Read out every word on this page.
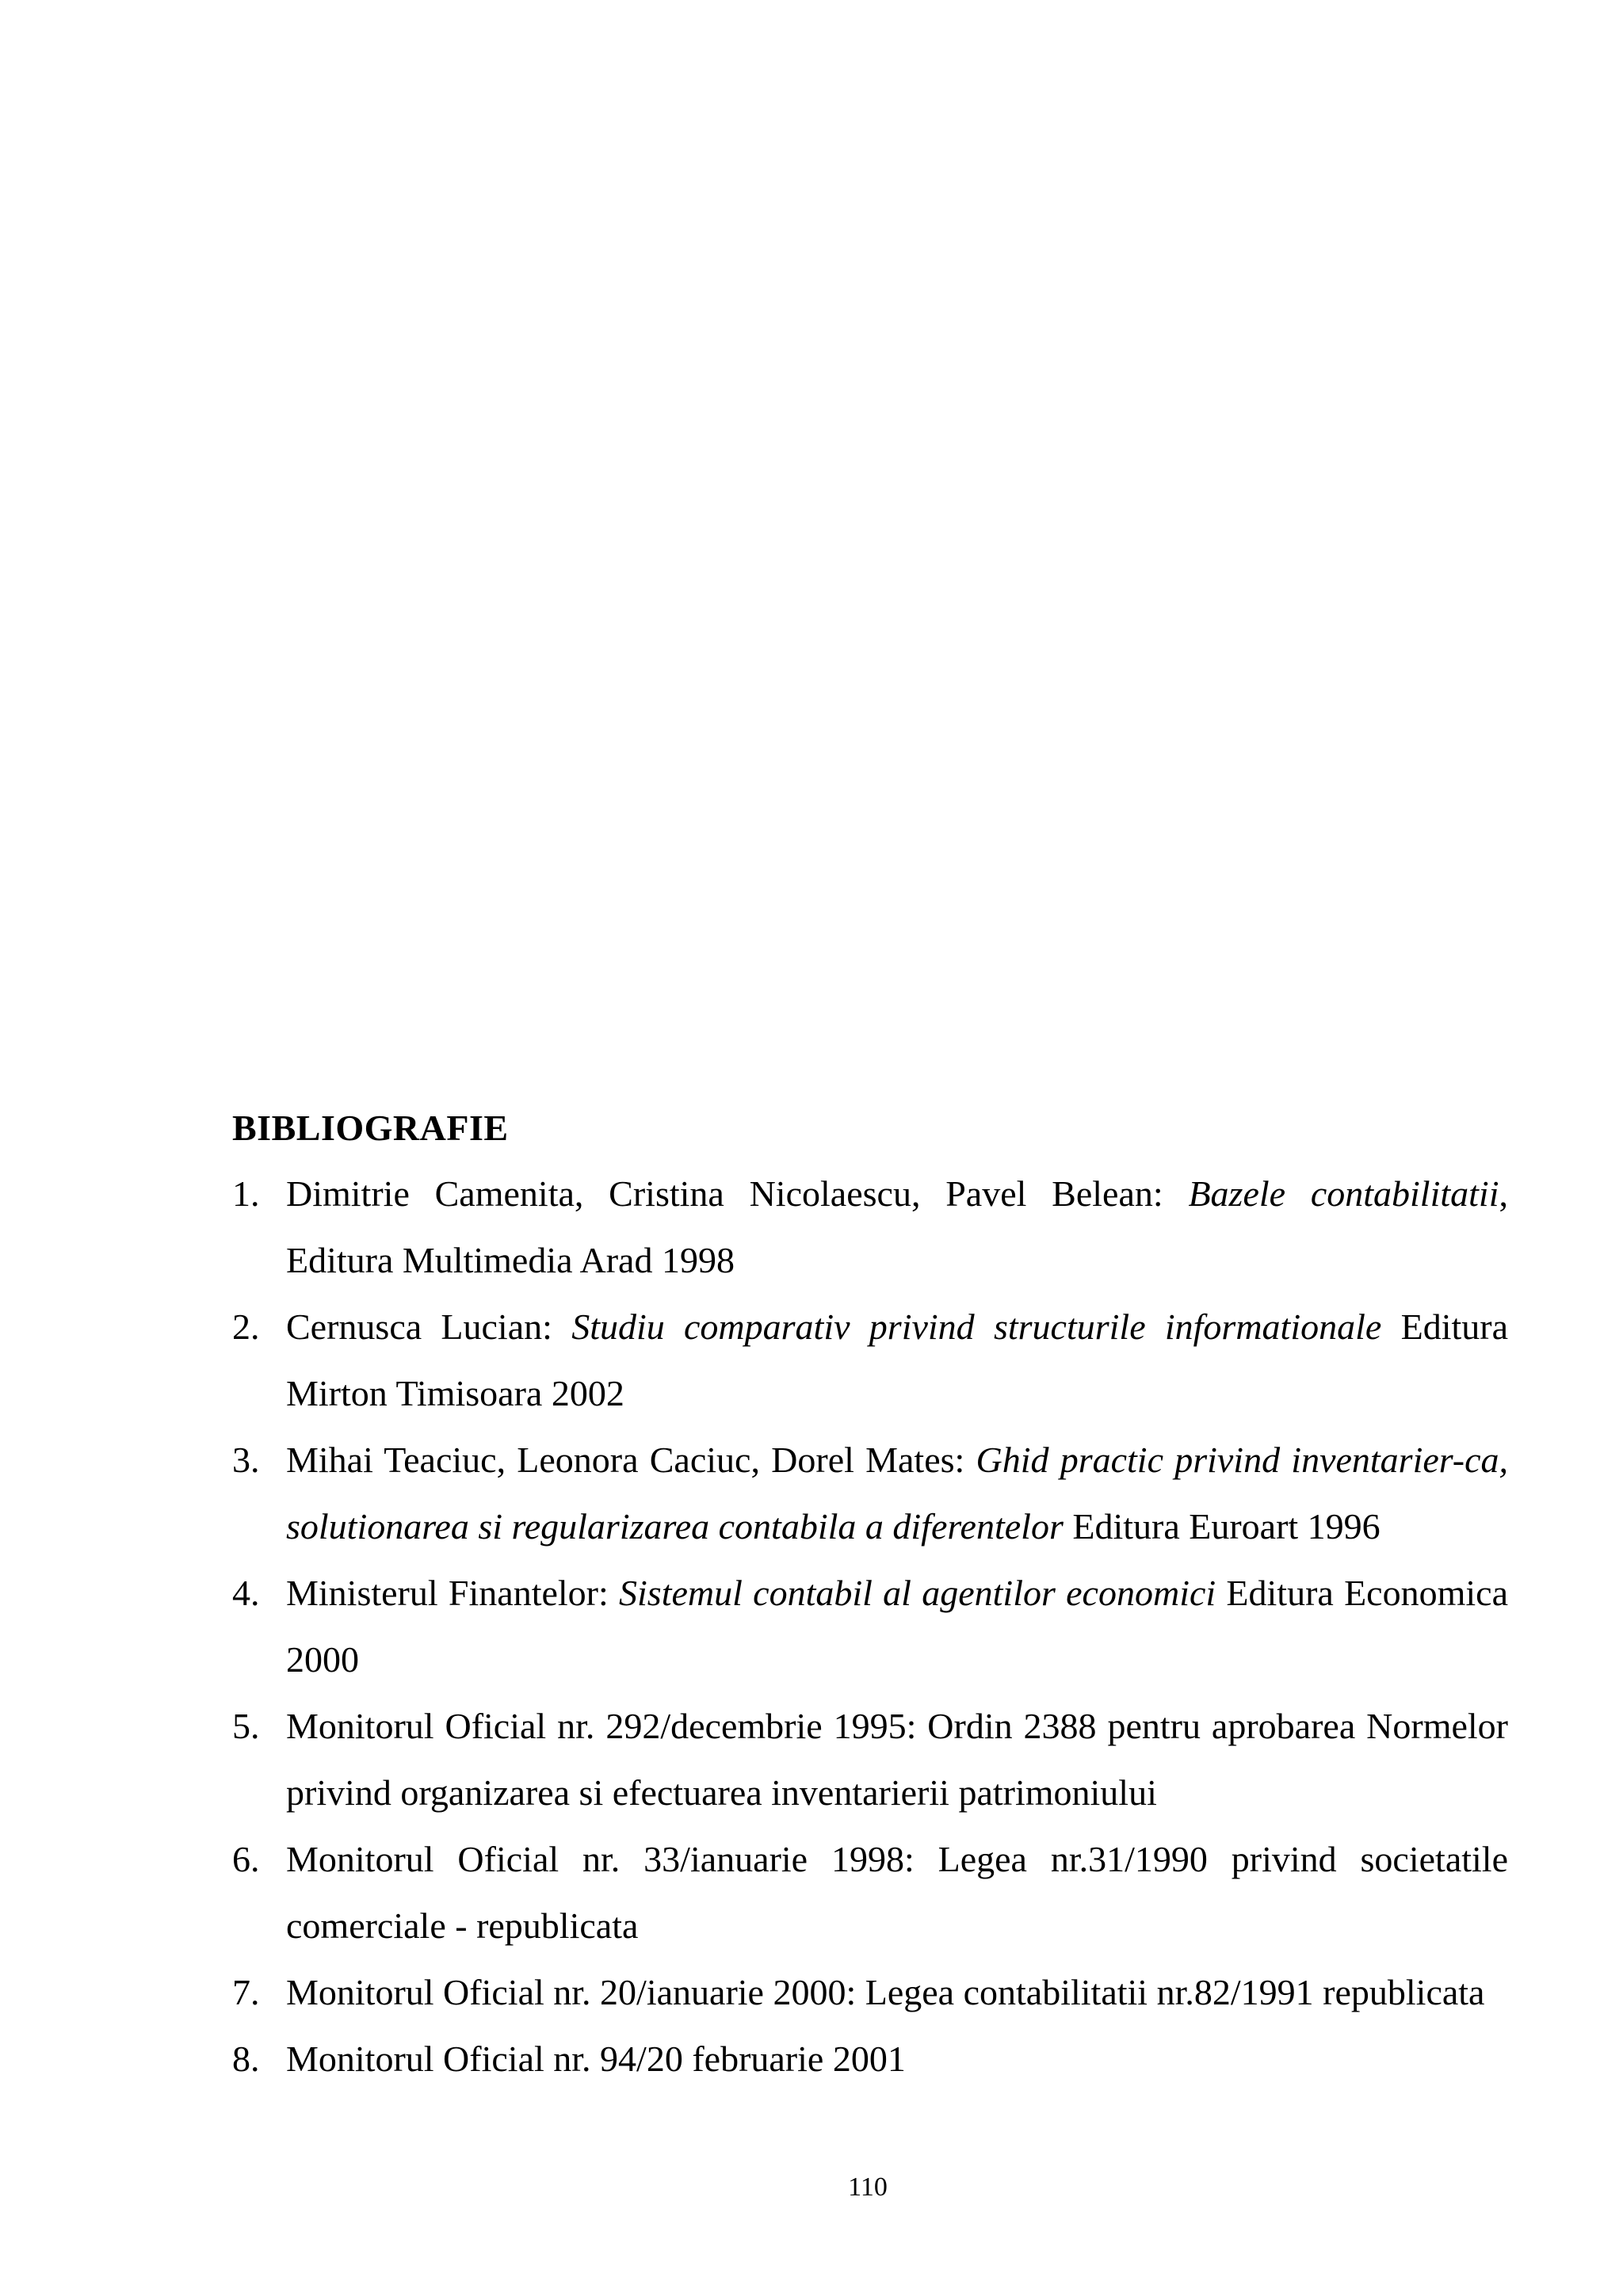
BIBLIOGRAFIE
1. Dimitrie Camenita, Cristina Nicolaescu, Pavel Belean: Bazele contabilitatii, Editura Multimedia Arad 1998
2. Cernusca Lucian: Studiu comparativ privind structurile informationale Editura Mirton Timisoara 2002
3. Mihai Teaciuc, Leonora Caciuc, Dorel Mates: Ghid practic privind inventarier-ca, solutionarea si regularizarea contabila a diferentelor Editura Euroart 1996
4. Ministerul Finantelor: Sistemul contabil al agentilor economici Editura Economica 2000
5. Monitorul Oficial nr. 292/decembrie 1995: Ordin 2388 pentru aprobarea Normelor privind organizarea si efectuarea inventarierii patrimoniului
6. Monitorul Oficial nr. 33/ianuarie 1998: Legea nr.31/1990 privind societatile comerciale - republicata
7. Monitorul Oficial nr. 20/ianuarie 2000: Legea contabilitatii nr.82/1991 republicata
8. Monitorul Oficial nr. 94/20 februarie 2001
110
